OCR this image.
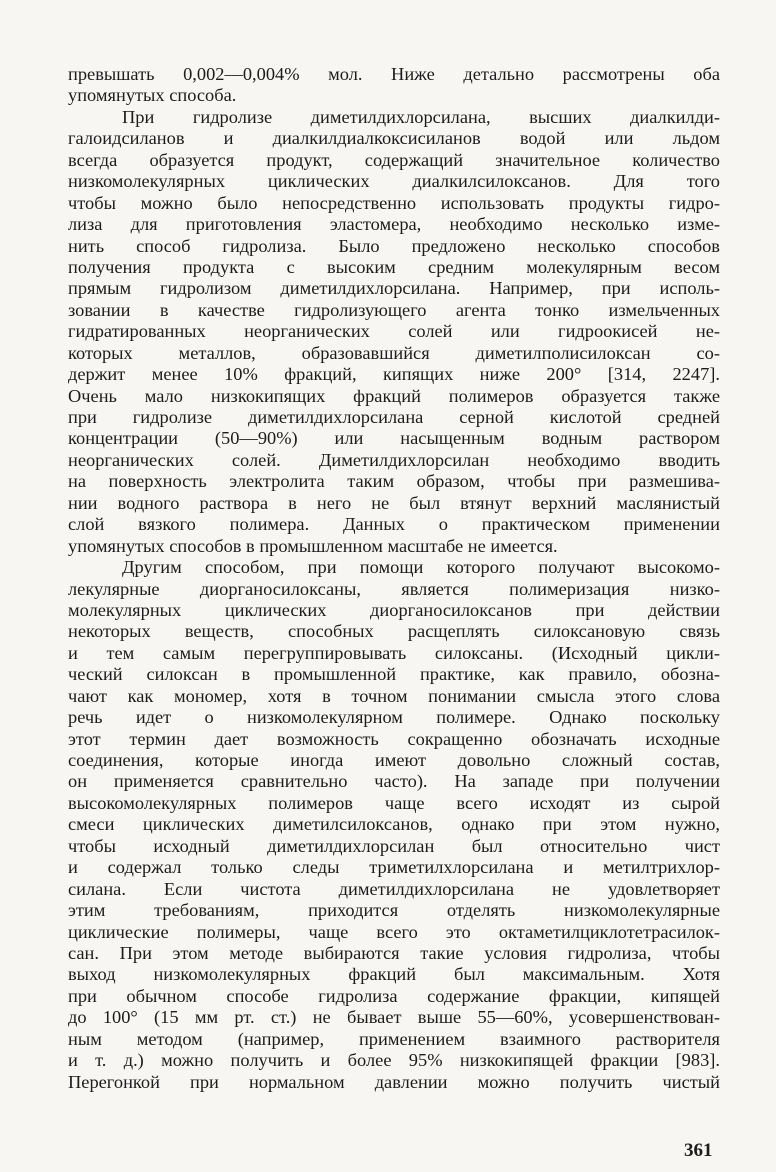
превышать 0,002—0,004% мол. Ниже детально рассмотрены оба
упомянутых способа.
При гидролизе диметилдихлорсилана, высших диалкилди-
галоидсиланов и диалкилдиалкоксисиланов водой или льдом
всегда образуется продукт, содержащий значительное количество
низкомолекулярных циклических диалкилсилоксанов. Для того
чтобы можно было непосредственно использовать продукты гидро-
лиза для приготовления эластомера, необходимо несколько изме-
нить способ гидролиза. Было предложено несколько способов
получения продукта с высоким средним молекулярным весом
прямым гидролизом диметилдихлорсилана. Например, при исполь-
зовании в качестве гидролизующего агента тонко измельченных
гидратированных неорганических солей или гидроокисей не-
которых металлов, образовавшийся диметилполисилоксан со-
держит менее 10% фракций, кипящих ниже 200° [314, 2247].
Очень мало низкокипящих фракций полимеров образуется также
при гидролизе диметилдихлорсилана серной кислотой средней
концентрации (50—90%) или насыщенным водным раствором
неорганических солей. Диметилдихлорсилан необходимо вводить
на поверхность электролита таким образом, чтобы при размешива-
нии водного раствора в него не был втянут верхний маслянистый
слой вязкого полимера. Данных о практическом применении
упомянутых способов в промышленном масштабе не имеется.
Другим способом, при помощи которого получают высокомо-
лекулярные диорганосилоксаны, является полимеризация низко-
молекулярных циклических диорганосилоксанов при действии
некоторых веществ, способных расщеплять силоксановую связь
и тем самым перегруппировывать силоксаны. (Исходный цикли-
ческий силоксан в промышленной практике, как правило, обозна-
чают как мономер, хотя в точном понимании смысла этого слова
речь идет о низкомолекулярном полимере. Однако поскольку
этот термин дает возможность сокращенно обозначать исходные
соединения, которые иногда имеют довольно сложный состав,
он применяется сравнительно часто). На западе при получении
высокомолекулярных полимеров чаще всего исходят из сырой
смеси циклических диметилсилоксанов, однако при этом нужно,
чтобы исходный диметилдихлорсилан был относительно чист
и содержал только следы триметилхлорсилана и метилтрихлор-
силана. Если чистота диметилдихлорсилана не удовлетворяет
этим требованиям, приходится отделять низкомолекулярные
циклические полимеры, чаще всего это октаметилциклотетрасилок-
сан. При этом методе выбираются такие условия гидролиза, чтобы
выход низкомолекулярных фракций был максимальным. Хотя
при обычном способе гидролиза содержание фракции, кипящей
до 100° (15 мм рт. ст.) не бывает выше 55—60%, усовершенствован-
ным методом (например, применением взаимного растворителя
и т. д.) можно получить и более 95% низкокипящей фракции [983].
Перегонкой при нормальном давлении можно получить чистый
361
